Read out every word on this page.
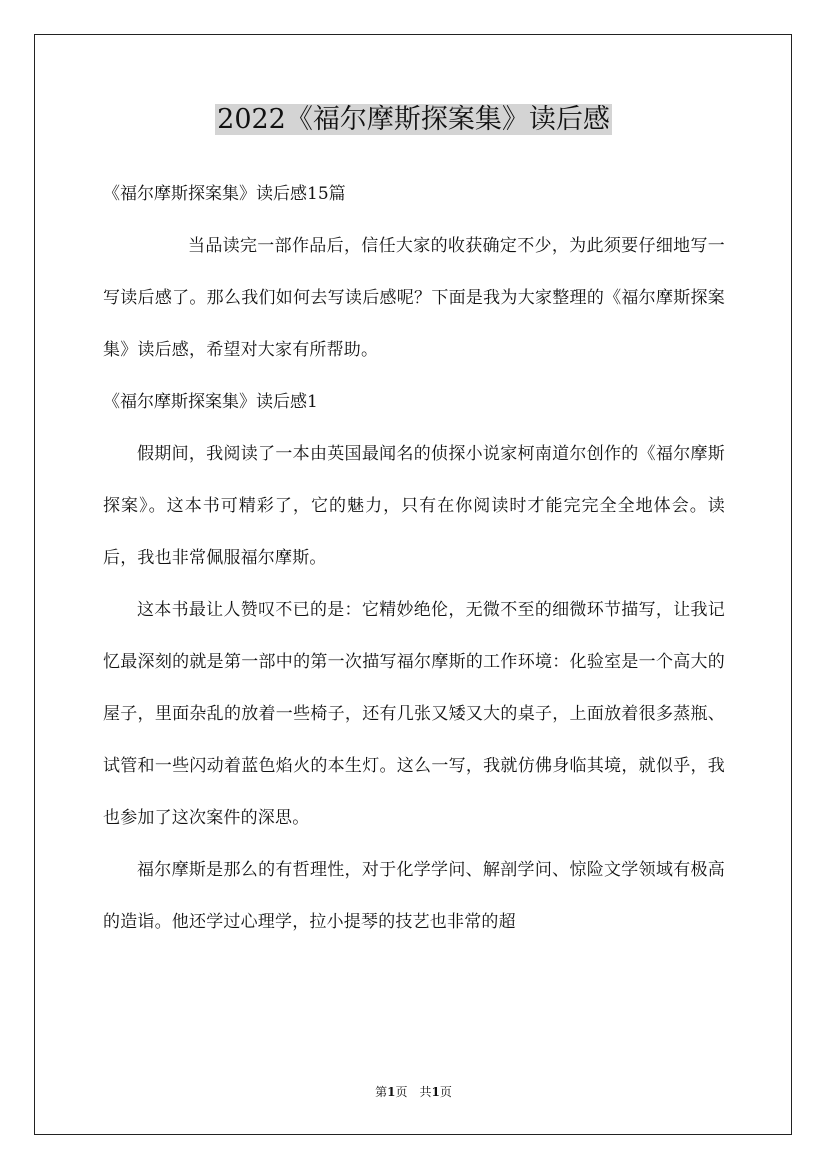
2022《福尔摩斯探案集》读后感

《福尔摩斯探案集》读后感15篇

当品读完一部作品后，信任大家的收获确定不少，为此须要仔细地写一写读后感了。那么我们如何去写读后感呢？下面是我为大家整理的《福尔摩斯探案集》读后感，希望对大家有所帮助。

《福尔摩斯探案集》读后感1

假期间，我阅读了一本由英国最闻名的侦探小说家柯南道尔创作的《福尔摩斯探案》。这本书可精彩了，它的魅力，只有在你阅读时才能完完全全地体会。读后，我也非常佩服福尔摩斯。

这本书最让人赞叹不已的是：它精妙绝伦，无微不至的细微环节描写，让我记忆最深刻的就是第一部中的第一次描写福尔摩斯的工作环境：化验室是一个高大的屋子，里面杂乱的放着一些椅子，还有几张又矮又大的桌子，上面放着很多蒸瓶、试管和一些闪动着蓝色焰火的本生灯。这么一写，我就仿佛身临其境，就似乎，我也参加了这次案件的深思。

福尔摩斯是那么的有哲理性，对于化学学问、解剖学问、惊险文学领域有极高的造诣。他还学过心理学，拉小提琴的技艺也非常的超

第1页　共1页
